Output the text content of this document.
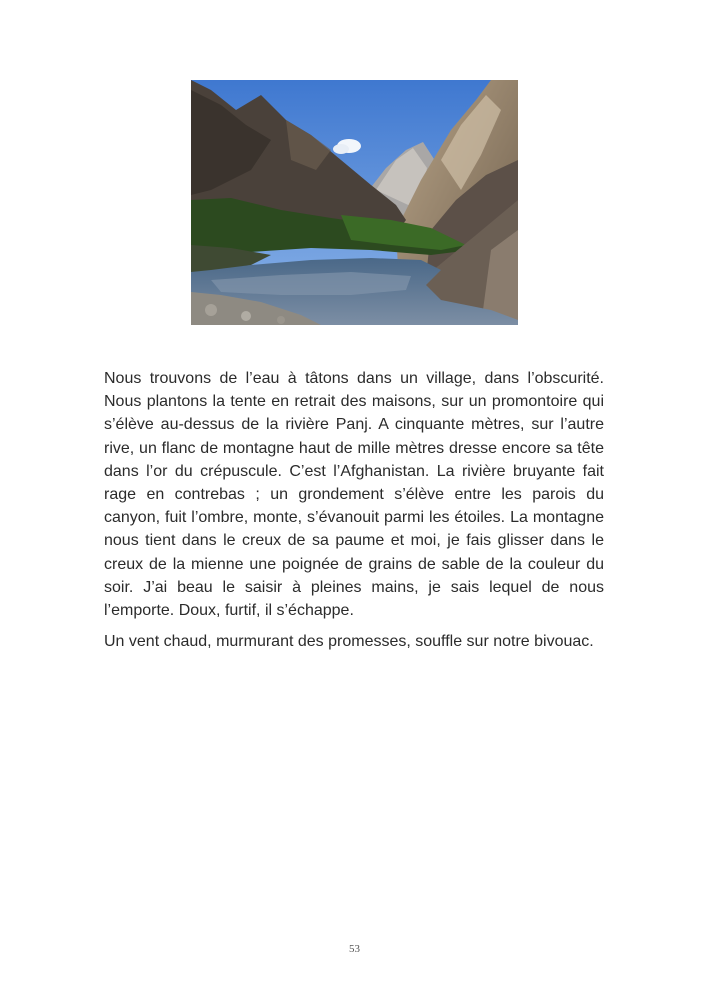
Nous trouvons de l’eau à tâtons dans un village, dans l’obscurité. Nous plantons la tente en retrait des maisons, sur un promontoire qui s’élève au-dessus de la rivière Panj. A cinquante mètres, sur l’autre rive, un flanc de montagne haut de mille mètres dresse encore sa tête dans l’or du crépuscule. C’est l’Afghanistan. La rivière bruyante fait rage en contrebas ; un grondement s’élève entre les parois du canyon, fuit l’ombre, monte, s’évanouit parmi les étoiles. La montagne nous tient dans le creux de sa paume et moi, je fais glisser dans le creux de la mienne une poignée de grains de sable de la couleur du soir. J’ai beau le saisir à pleines mains, je sais lequel de nous l’emporte. Doux, furtif, il s’échappe.

Un vent chaud, murmurant des promesses, souffle sur notre bivouac.

53
